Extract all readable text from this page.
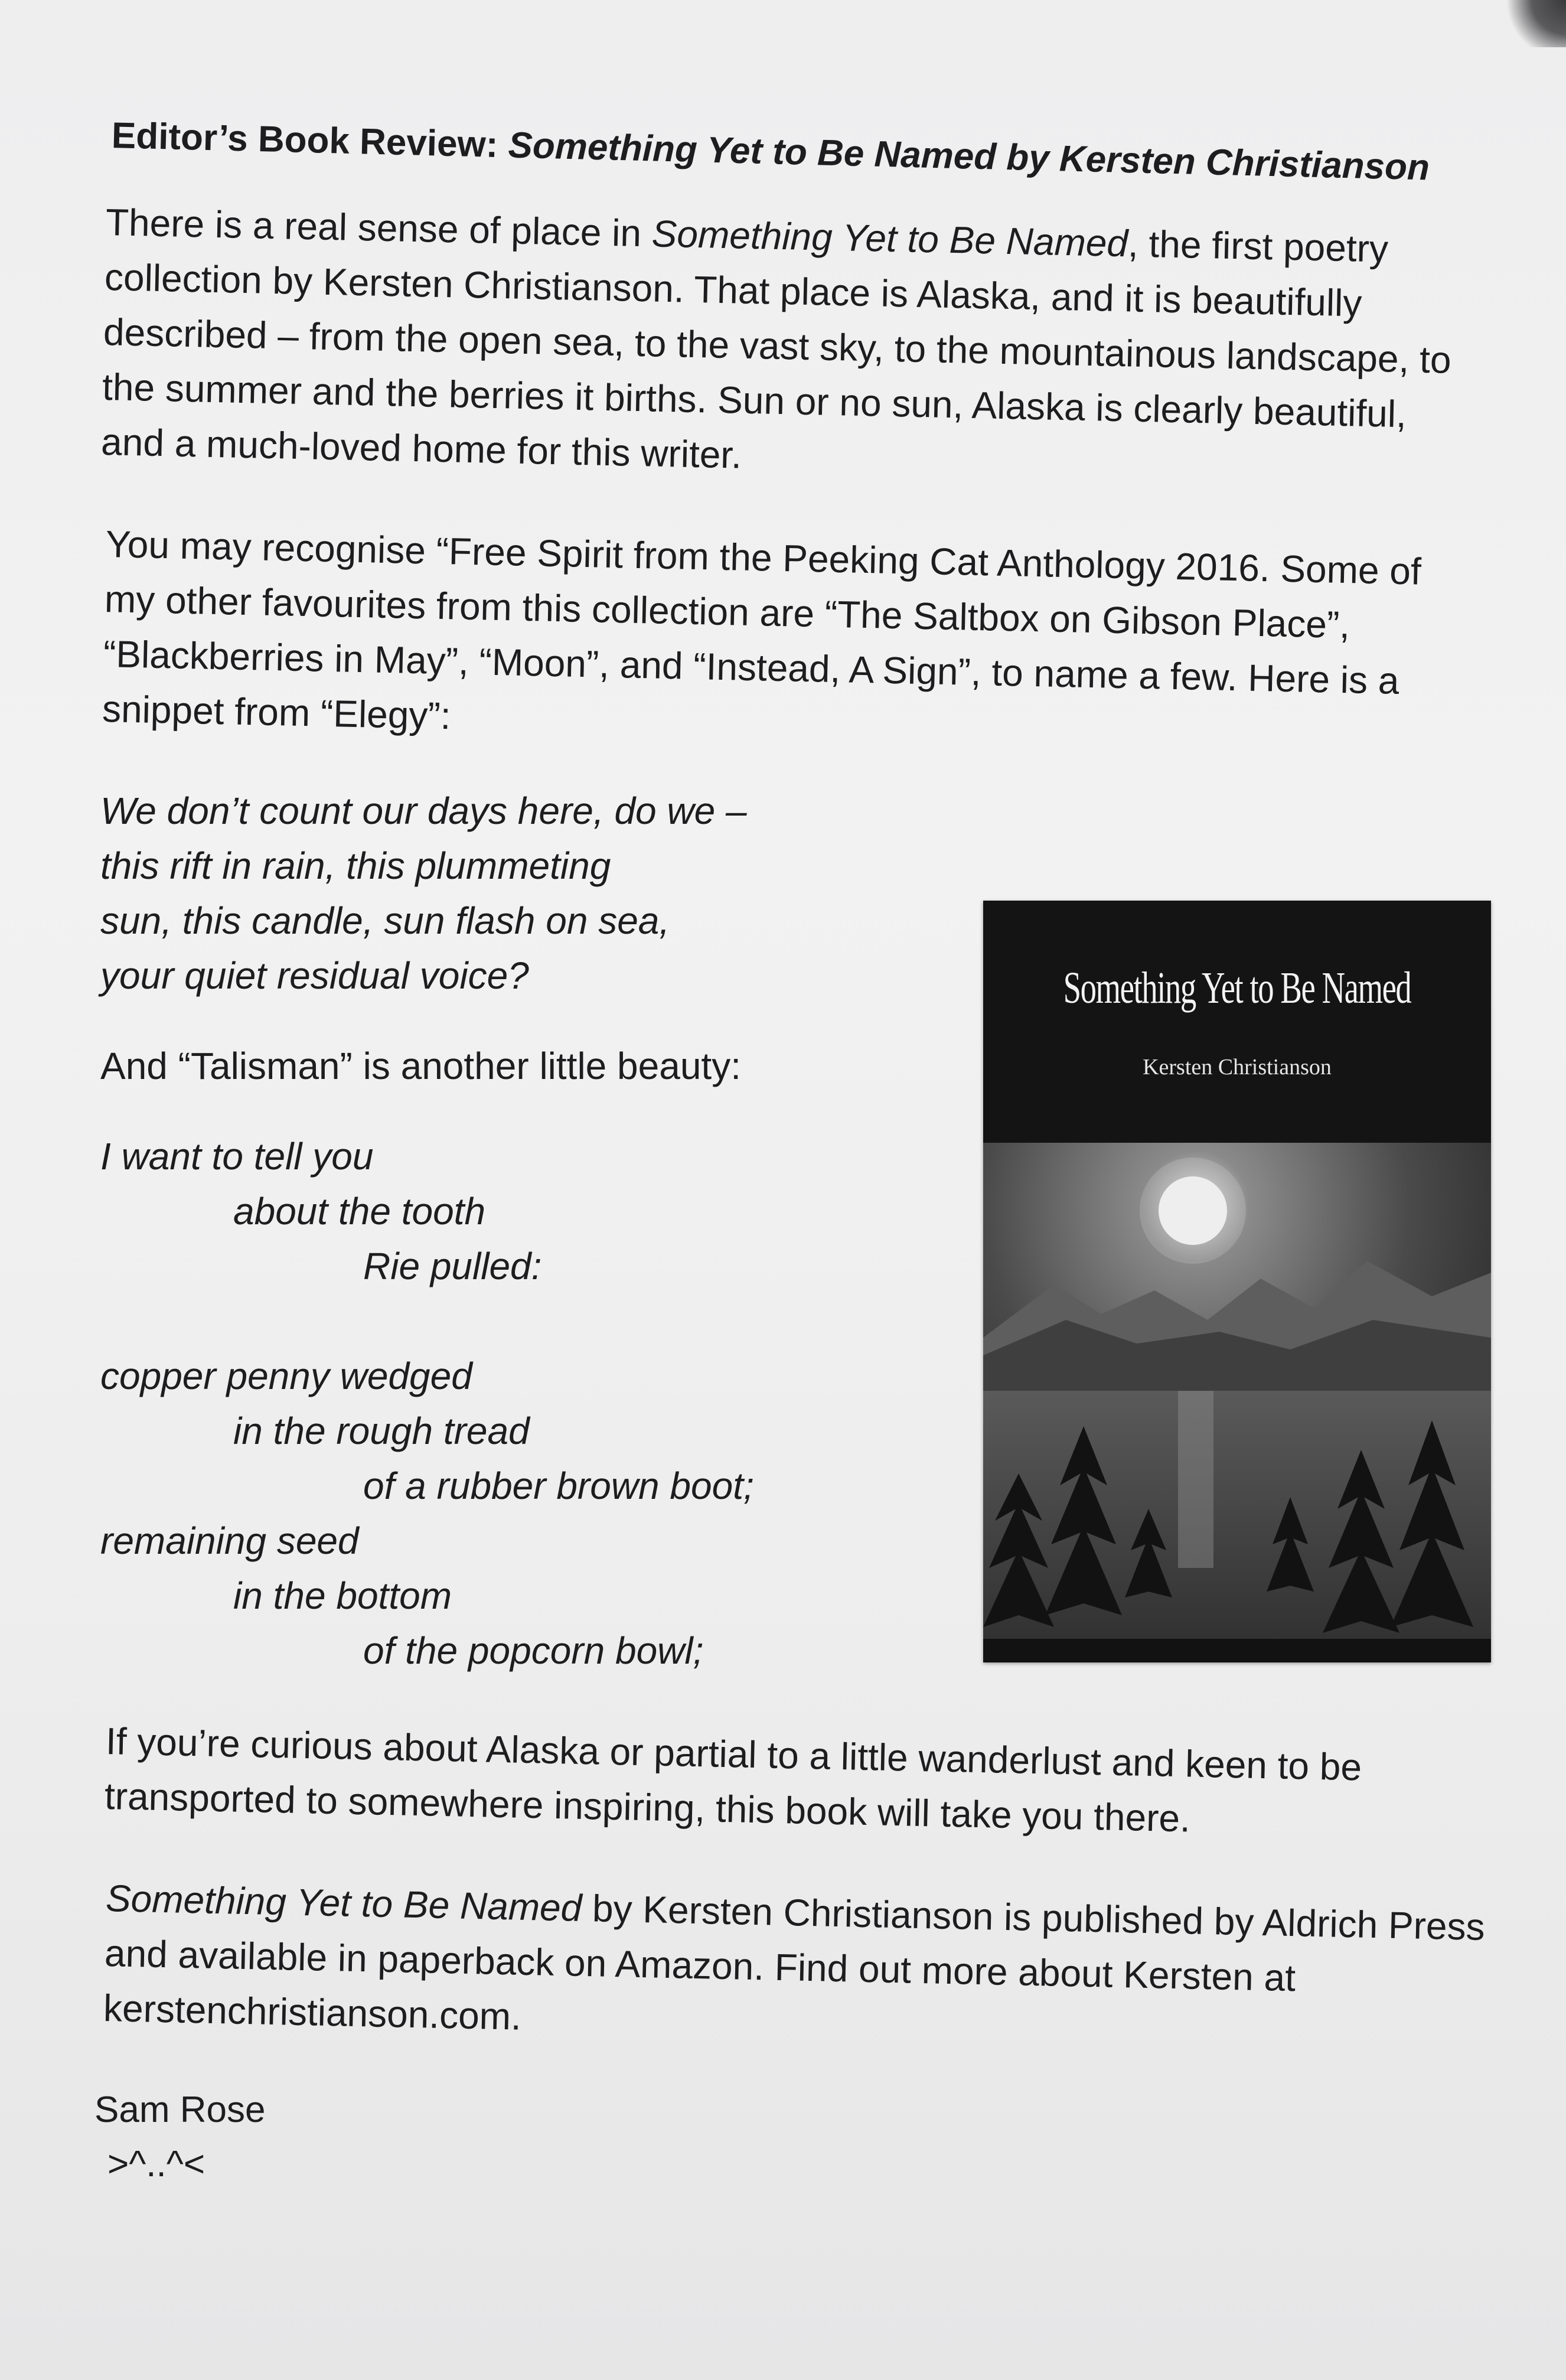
Editor’s Book Review: Something Yet to Be Named by Kersten Christianson
There is a real sense of place in Something Yet to Be Named, the first poetry collection by Kersten Christianson. That place is Alaska, and it is beautifully described – from the open sea, to the vast sky, to the mountainous landscape, to the summer and the berries it births. Sun or no sun, Alaska is clearly beautiful, and a much-loved home for this writer.
You may recognise “Free Spirit from the Peeking Cat Anthology 2016. Some of my other favourites from this collection are “The Saltbox on Gibson Place”, “Blackberries in May”, “Moon”, and “Instead, A Sign”, to name a few. Here is a snippet from “Elegy”:
We don’t count our days here, do we –
this rift in rain, this plummeting
sun, this candle, sun flash on sea,
your quiet residual voice?
And “Talisman” is another little beauty:
I want to tell you
about the tooth
Rie pulled:
copper penny wedged
in the rough tread
of a rubber brown boot;
remaining seed
in the bottom
of the popcorn bowl;
If you’re curious about Alaska or partial to a little wanderlust and keen to be transported to somewhere inspiring, this book will take you there.
Something Yet to Be Named by Kersten Christianson is published by Aldrich Press and available in paperback on Amazon. Find out more about Kersten at kerstenchristianson.com.
Sam Rose
>^..^<
Something Yet to Be Named
Kersten Christianson
